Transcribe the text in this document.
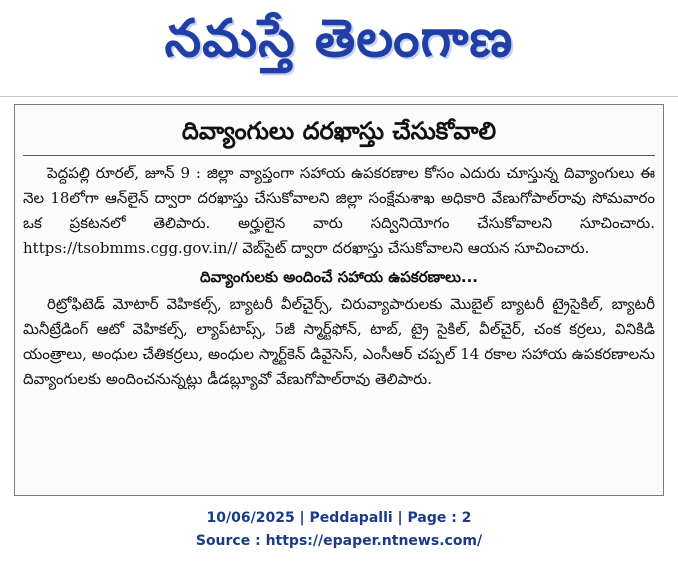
నమస్తే తెలంగాణ
దివ్యాంగులు దరఖాస్తు చేసుకోవాలి

పెద్దపల్లి రూరల్, జూన్ 9 : జిల్లా వ్యాప్తంగా సహాయ ఉపకరణాల కోసం ఎదురు చూస్తున్న దివ్యాంగులు ఈ నెల 18లోగా ఆన్‌లైన్ ద్వారా దరఖాస్తు చేసుకోవాలని జిల్లా సంక్షేమశాఖ అధికారి వేణుగోపాల్‌రావు సోమవారం ఒక ప్రకటనలో తెలిపారు. అర్హులైన వారు సద్వినియోగం చేసుకోవాలని సూచించారు. https://tsobmms.cgg.gov.in// వెబ్‌సైట్ ద్వారా దరఖాస్తు చేసుకోవాలని ఆయన సూచించారు.

దివ్యాంగులకు అందించే సహాయ ఉపకరణాలు...

రిట్రోఫిటెడ్ మోటార్ వెహికల్స్, బ్యాటరీ వీల్‌చైర్స్, చిరువ్యాపారులకు మొబైల్ బ్యాటరీ ట్రైసైకిల్, బ్యాటరీ మినీట్రేడింగ్ ఆటో వెహికల్స్, ల్యాప్‌టాప్స్, 5జీ స్మార్ట్‌ఫోన్, టాబ్, ట్రై సైకిల్, వీల్‌చైర్, చంక కర్రలు, వినికిడి యంత్రాలు, అంధుల చేతికర్రలు, అంధుల స్మార్ట్‌కెన్ డివైసెస్, ఎంసీఆర్ చప్పల్ 14 రకాల సహాయ ఉపకరణాలను దివ్యాంగులకు అందించనున్నట్లు డీడబ్ల్యూవో వేణుగోపాల్‌రావు తెలిపారు.

10/06/2025 | Peddapalli | Page : 2
Source : https://epaper.ntnews.com/
